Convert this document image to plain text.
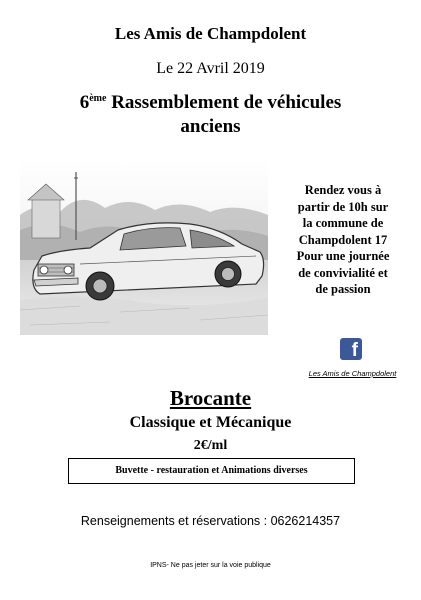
Les Amis de Champdolent
Le 22 Avril 2019
6ème Rassemblement de véhicules
anciens
Rendez vous à
partir de 10h sur
la commune de
Champdolent 17
Pour une journée
de convivialité et
de passion
f
Les Amis de Champdolent
Brocante
Classique et Mécanique
2€/ml
Buvette - restauration et Animations diverses
Renseignements et réservations : 0626214357
IPNS- Ne pas jeter sur la voie publique
